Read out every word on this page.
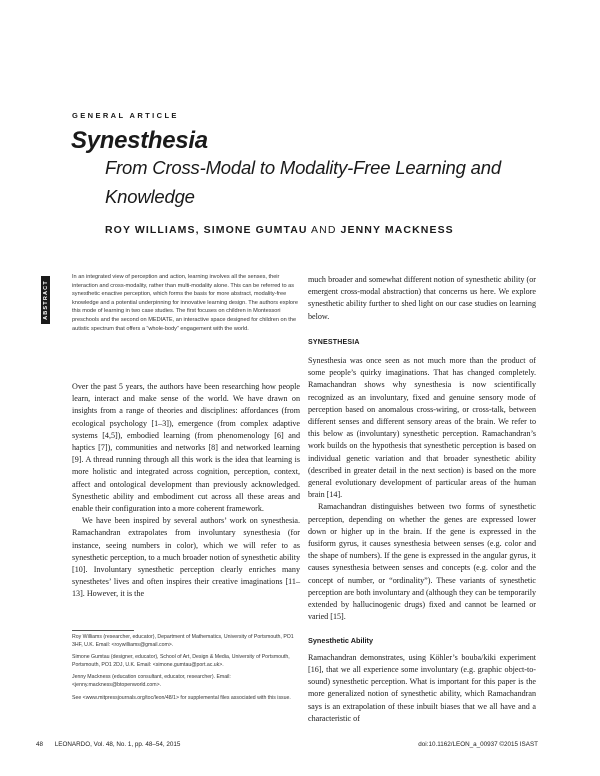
GENERAL ARTICLE
Synesthesia
From Cross-Modal to Modality-Free Learning and Knowledge
ROY WILLIAMS, SIMONE GUMTAU AND JENNY MACKNESS
ABSTRACT
In an integrated view of perception and action, learning involves all the senses, their interaction and cross-modality, rather than multi-modality alone. This can be referred to as synesthetic enactive perception, which forms the basis for more abstract, modality-free knowledge and a potential underpinning for innovative learning design. The authors explore this mode of learning in two case studies. The first focuses on children in Montessori preschools and the second on MEDIATE, an interactive space designed for children on the autistic spectrum that offers a “whole-body” engagement with the world.

Over the past 5 years, the authors have been researching how people learn, interact and make sense of the world. We have drawn on insights from a range of theories and disciplines: affordances (from ecological psychology [1–3]), emergence (from complex adaptive systems [4,5]), embodied learning (from phenomenology [6] and haptics [7]), communities and networks [8] and networked learning [9]. A thread running through all this work is the idea that learning is more holistic and integrated across cognition, perception, context, affect and ontological development than previously acknowledged. Synesthetic ability and embodiment cut across all these areas and enable their configuration into a more coherent framework.

We have been inspired by several authors’ work on synesthesia. Ramachandran extrapolates from involuntary synesthesia (for instance, seeing numbers in color), which we will refer to as synesthetic perception, to a much broader notion of synesthetic ability [10]. Involuntary synesthetic perception clearly enriches many synesthetes’ lives and often inspires their creative imaginations [11–13]. However, it is the

much broader and somewhat different notion of synesthetic ability (or emergent cross-modal abstraction) that concerns us here. We explore synesthetic ability further to shed light on our case studies on learning below.

SYNESTHESIA

Synesthesia was once seen as not much more than the product of some people’s quirky imaginations. That has changed completely. Ramachandran shows why synesthesia is now scientifically recognized as an involuntary, fixed and genuine sensory mode of perception based on anomalous cross-wiring, or cross-talk, between different senses and different sensory areas of the brain. We refer to this below as (involuntary) synesthetic perception. Ramachandran’s work builds on the hypothesis that synesthetic perception is based on individual genetic variation and that broader synesthetic ability (described in greater detail in the next section) is based on the more general evolutionary development of particular areas of the human brain [14].

Ramachandran distinguishes between two forms of synesthetic perception, depending on whether the genes are expressed lower down or higher up in the brain. If the gene is expressed in the fusiform gyrus, it causes synesthesia between senses (e.g. color and the shape of numbers). If the gene is expressed in the angular gyrus, it causes synesthesia between senses and concepts (e.g. color and the concept of number, or “ordinality”). These variants of synesthetic perception are both involuntary and (although they can be temporarily extended by hallucinogenic drugs) fixed and cannot be learned or varied [15].

Synesthetic Ability

Ramachandran demonstrates, using Köhler’s bouba/kiki experiment [16], that we all experience some involuntary (e.g. graphic object-to-sound) synesthetic perception. What is important for this paper is the more generalized notion of synesthetic ability, which Ramachandran says is an extrapolation of these inbuilt biases that we all have and a characteristic of

Roy Williams (researcher, educator), Department of Mathematics, University of Portsmouth, PO1 3HF, U.K. Email: <roywilliams@gmail.com>.

Simone Gumtau (designer, educator), School of Art, Design & Media, University of Portsmouth, Portsmouth, PO1 2DJ, U.K. Email: <simone.gumtau@port.ac.uk>.

Jenny Mackness (education consultant, educator, researcher). Email: <jenny.mackness@btopenworld.com>.

See <www.mitpressjournals.org/toc/leon/48/1> for supplemental files associated with this issue.

48 LEONARDO, Vol. 48, No. 1, pp. 48–54, 2015	doi:10.1162/LEON_a_00937 ©2015 ISAST
